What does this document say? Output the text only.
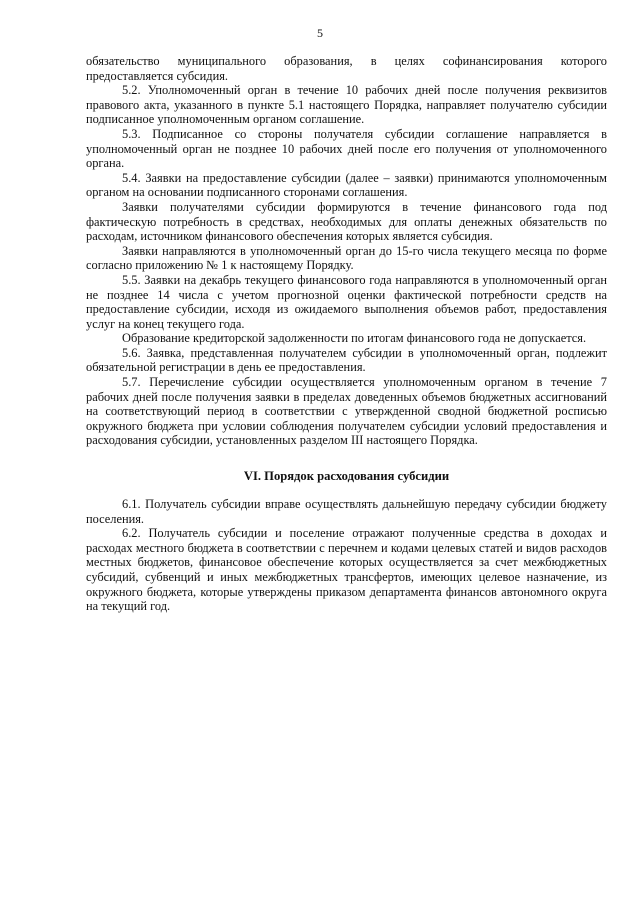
5

обязательство муниципального образования, в целях софинансирования которого предоставляется субсидия.

5.2. Уполномоченный орган в течение 10 рабочих дней после получения реквизитов правового акта, указанного в пункте 5.1 настоящего Порядка, направляет получателю субсидии подписанное уполномоченным органом соглашение.

5.3. Подписанное со стороны получателя субсидии соглашение направляется в уполномоченный орган не позднее 10 рабочих дней после его получения от уполномоченного органа.

5.4. Заявки на предоставление субсидии (далее – заявки) принимаются уполномоченным органом на основании подписанного сторонами соглашения.

Заявки получателями субсидии формируются в течение финансового года под фактическую потребность в средствах, необходимых для оплаты денежных обязательств по расходам, источником финансового обеспечения которых является субсидия.

Заявки направляются в уполномоченный орган до 15-го числа текущего месяца по форме согласно приложению № 1 к настоящему Порядку.

5.5. Заявки на декабрь текущего финансового года направляются в уполномоченный орган не позднее 14 числа с учетом прогнозной оценки фактической потребности средств на предоставление субсидии, исходя из ожидаемого выполнения объемов работ, предоставления услуг на конец текущего года.

Образование кредиторской задолженности по итогам финансового года не допускается.

5.6. Заявка, представленная получателем субсидии в уполномоченный орган, подлежит обязательной регистрации в день ее предоставления.

5.7. Перечисление субсидии осуществляется уполномоченным органом в течение 7 рабочих дней после получения заявки в пределах доведенных объемов бюджетных ассигнований на соответствующий период в соответствии с утвержденной сводной бюджетной росписью окружного бюджета при условии соблюдения получателем субсидии условий предоставления и расходования субсидии, установленных разделом III настоящего Порядка.

VI. Порядок расходования субсидии

6.1. Получатель субсидии вправе осуществлять дальнейшую передачу субсидии бюджету поселения.

6.2. Получатель субсидии и поселение отражают полученные средства в доходах и расходах местного бюджета в соответствии с перечнем и кодами целевых статей и видов расходов местных бюджетов, финансовое обеспечение которых осуществляется за счет межбюджетных субсидий, субвенций и иных межбюджетных трансфертов, имеющих целевое назначение, из окружного бюджета, которые утверждены приказом департамента финансов автономного округа на текущий год.
